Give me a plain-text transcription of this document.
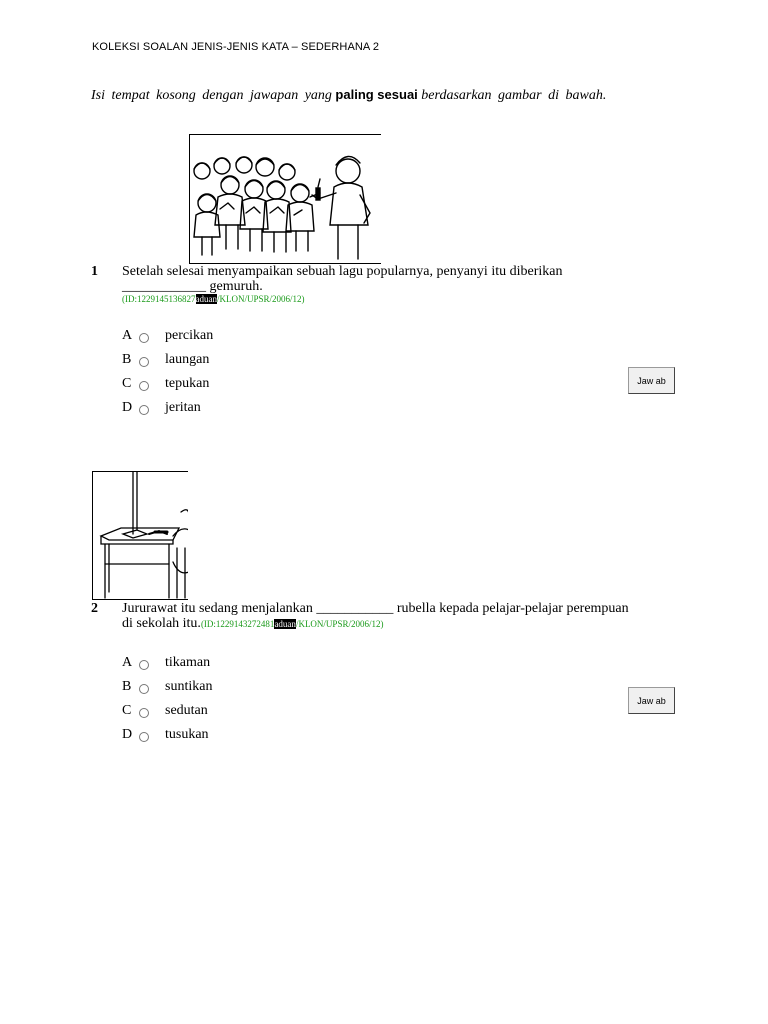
KOLEKSI SOALAN JENIS-JENIS KATA – SEDERHANA 2
Isi tempat kosong dengan jawapan yang paling sesuai berdasarkan gambar di bawah.
1 Setelah selesai menyampaikan sebuah lagu popularnya, penyanyi itu diberikan ____________ gemuruh.
(ID:1229145136827aduan/KLON/UPSR/2006/12)
A percikan
B laungan
C tepukan
D jeritan
Jaw ab
2 Jururawat itu sedang menjalankan ___________ rubella kepada pelajar-pelajar perempuan
di sekolah itu.(ID:1229143272481aduan/KLON/UPSR/2006/12)
A tikaman
B suntikan
C sedutan
D tusukan
Jaw ab
